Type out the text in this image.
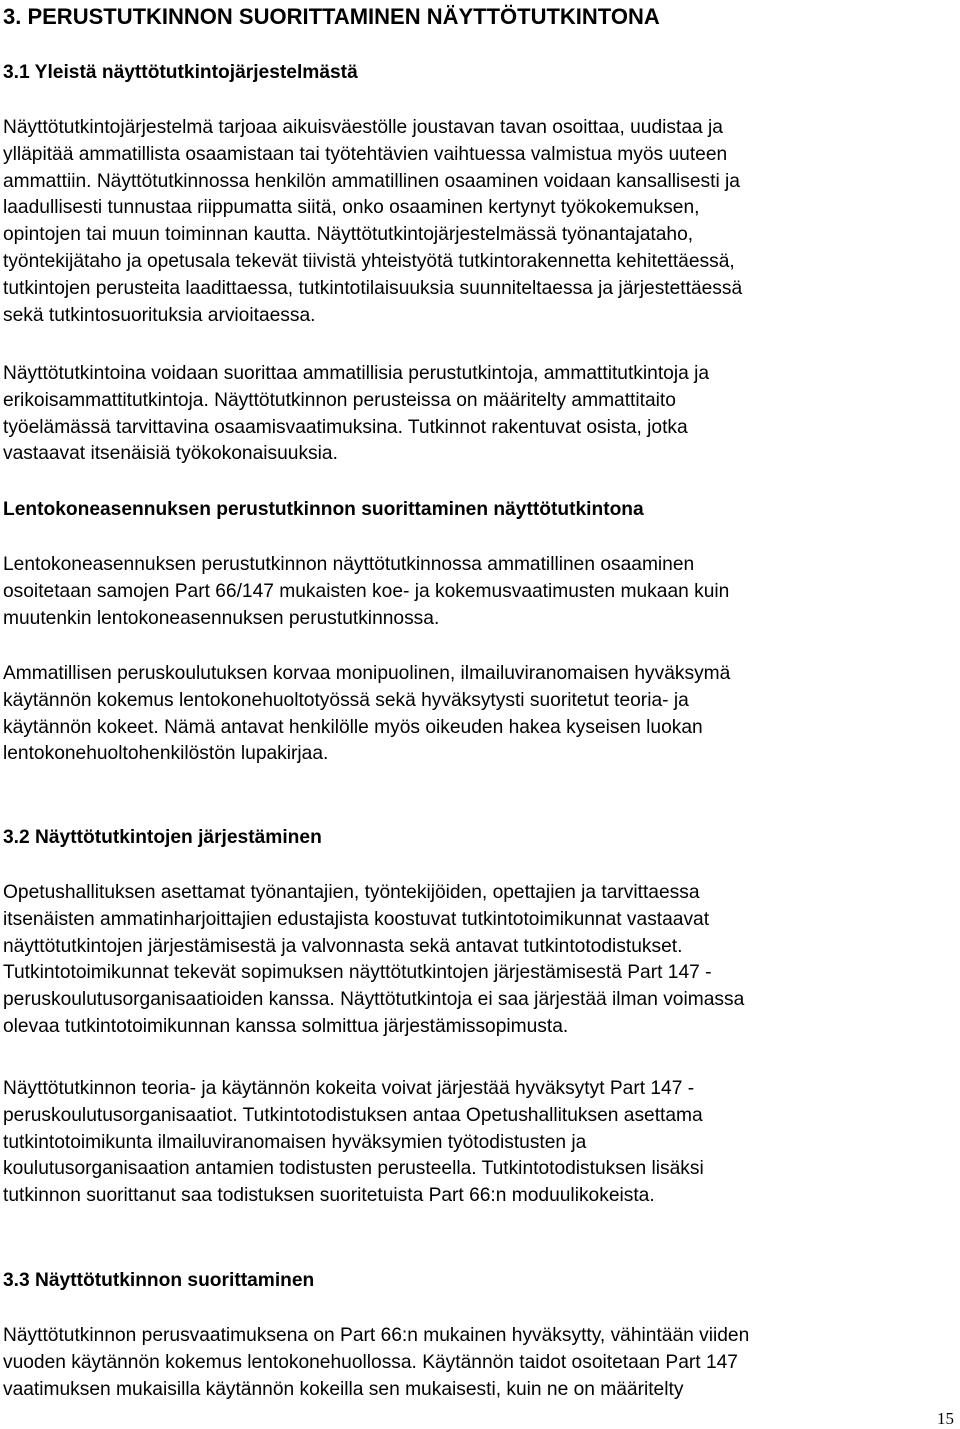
3. PERUSTUTKINNON SUORITTAMINEN NÄYTTÖTUTKINTONA
3.1 Yleistä näyttötutkintojärjestelmästä

Näyttötutkintojärjestelmä tarjoaa aikuisväestölle joustavan tavan osoittaa, uudistaa ja
ylläpitää ammatillista osaamistaan tai työtehtävien vaihtuessa valmistua myös uuteen
ammattiin. Näyttötutkinnossa henkilön ammatillinen osaaminen voidaan kansallisesti ja
laadullisesti tunnustaa riippumatta siitä, onko osaaminen kertynyt työkokemuksen,
opintojen tai muun toiminnan kautta. Näyttötutkintojärjestelmässä työnantajataho,
työntekijätaho ja opetusala tekevät tiivistä yhteistyötä tutkintorakennetta kehitettäessä,
tutkintojen perusteita laadittaessa, tutkintotilaisuuksia suunniteltaessa ja järjestettäessä
sekä tutkintosuorituksia arvioitaessa.

Näyttötutkintoina voidaan suorittaa ammatillisia perustutkintoja, ammattitutkintoja ja
erikoisammattitutkintoja. Näyttötutkinnon perusteissa on määritelty ammattitaito
työelämässä tarvittavina osaamisvaatimuksina. Tutkinnot rakentuvat osista, jotka
vastaavat itsenäisiä työkokonaisuuksia.

Lentokoneasennuksen perustutkinnon suorittaminen näyttötutkintona

Lentokoneasennuksen perustutkinnon näyttötutkinnossa ammatillinen osaaminen
osoitetaan samojen Part 66/147 mukaisten koe- ja kokemusvaatimusten mukaan kuin
muutenkin lentokoneasennuksen perustutkinnossa.

Ammatillisen peruskoulutuksen korvaa monipuolinen, ilmailuviranomaisen hyväksymä
käytännön kokemus lentokonehuoltotyössä sekä hyväksytysti suoritetut teoria- ja
käytännön kokeet. Nämä antavat henkilölle myös oikeuden hakea kyseisen luokan
lentokonehuoltohenkilöstön lupakirjaa.

3.2 Näyttötutkintojen järjestäminen

Opetushallituksen asettamat työnantajien, työntekijöiden, opettajien ja tarvittaessa
itsenäisten ammatinharjoittajien edustajista koostuvat tutkintotoimikunnat vastaavat
näyttötutkintojen järjestämisestä ja valvonnasta sekä antavat tutkintotodistukset.
Tutkintotoimikunnat tekevät sopimuksen näyttötutkintojen järjestämisestä Part 147 -
peruskoulutusorganisaatioiden kanssa. Näyttötutkintoja ei saa järjestää ilman voimassa
olevaa tutkintotoimikunnan kanssa solmittua järjestämissopimusta.

Näyttötutkinnon teoria- ja käytännön kokeita voivat järjestää hyväksytyt Part 147 -
peruskoulutusorganisaatiot. Tutkintotodistuksen antaa Opetushallituksen asettama
tutkintotoimikunta ilmailuviranomaisen hyväksymien työtodistusten ja
koulutusorganisaation antamien todistusten perusteella. Tutkintotodistuksen lisäksi
tutkinnon suorittanut saa todistuksen suoritetuista Part 66:n moduulikokeista.

3.3 Näyttötutkinnon suorittaminen

Näyttötutkinnon perusvaatimuksena on Part 66:n mukainen hyväksytty, vähintään viiden
vuoden käytännön kokemus lentokonehuollossa. Käytännön taidot osoitetaan Part 147
vaatimuksen mukaisilla käytännön kokeilla sen mukaisesti, kuin ne on määritelty

15
